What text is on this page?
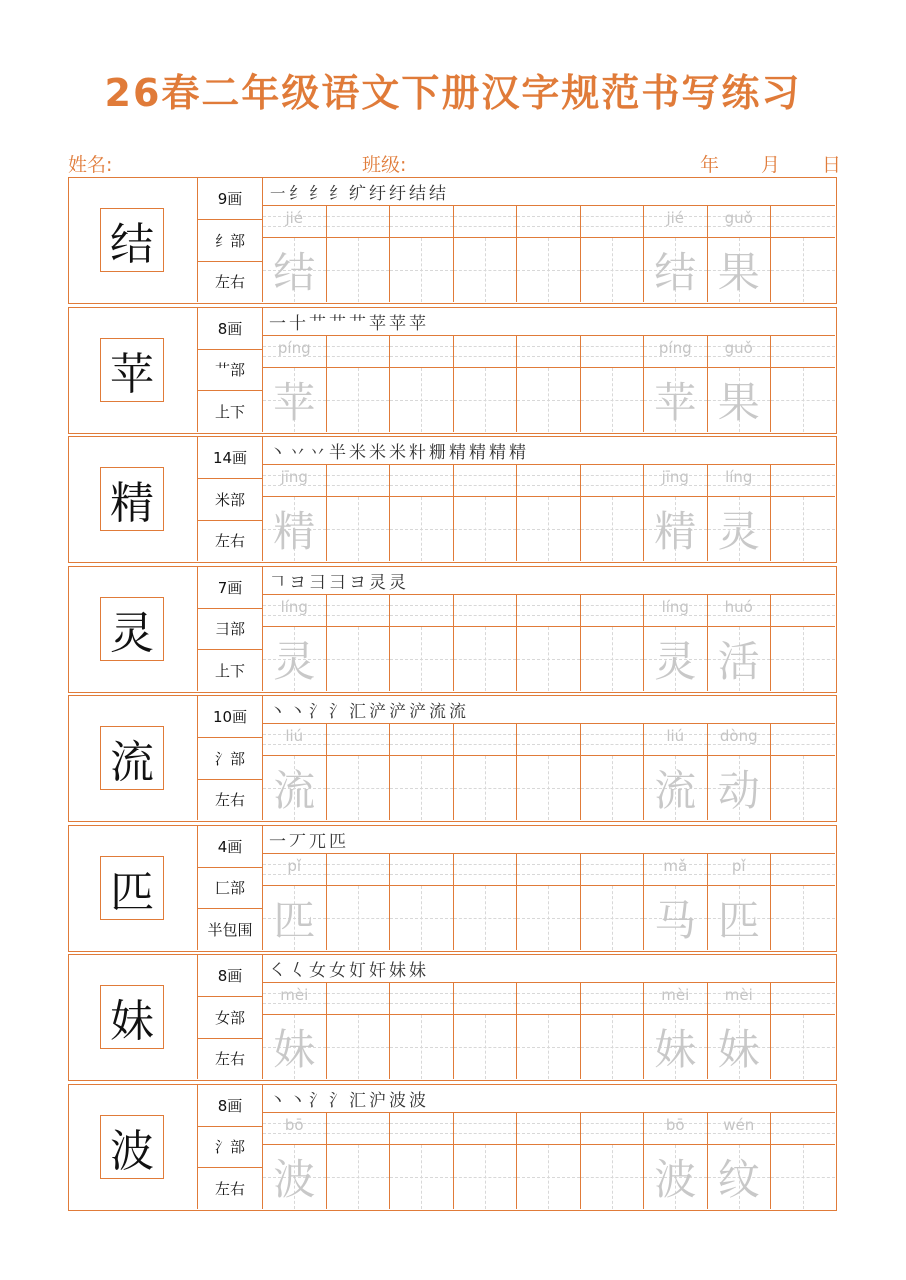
26春二年级语文下册汉字规范书写练习
姓名:	班级:	年 月 日
结
9画
纟部
左右
㇐ 纟 纟 纟 纩 纡 纡 结 结
jié
结
jié
结
guǒ
果
苹
8画
艹部
上下
一 十 艹 艹 艹 苹 苹 苹
píng
苹
píng
苹
guǒ
果
精
14画
米部
左右
丶 丷 丷 半 米 米 米 籵 粣 精 精 精 精
jīng
精
jīng
精
líng
灵
灵
7画
彐部
上下
𠃍 ヨ 彐 彐 ヨ 灵 灵
líng
灵
líng
灵
huó
活
流
10画
氵部
左右
丶 丶 氵 氵 汇 浐 浐 浐 流 流
liú
流
liú
流
dòng
动
匹
4画
匚部
半包围
一 丆 兀 匹
pǐ
匹
mǎ
马
pǐ
匹
妹
8画
女部
左右
㇛ 𡿨 女 女 奵 奸 妹 妹
mèi
妹
mèi
妹
mèi
妹
波
8画
氵部
左右
丶 丶 氵 氵 汇 沪 波 波
bō
波
bō
波
wén
纹
